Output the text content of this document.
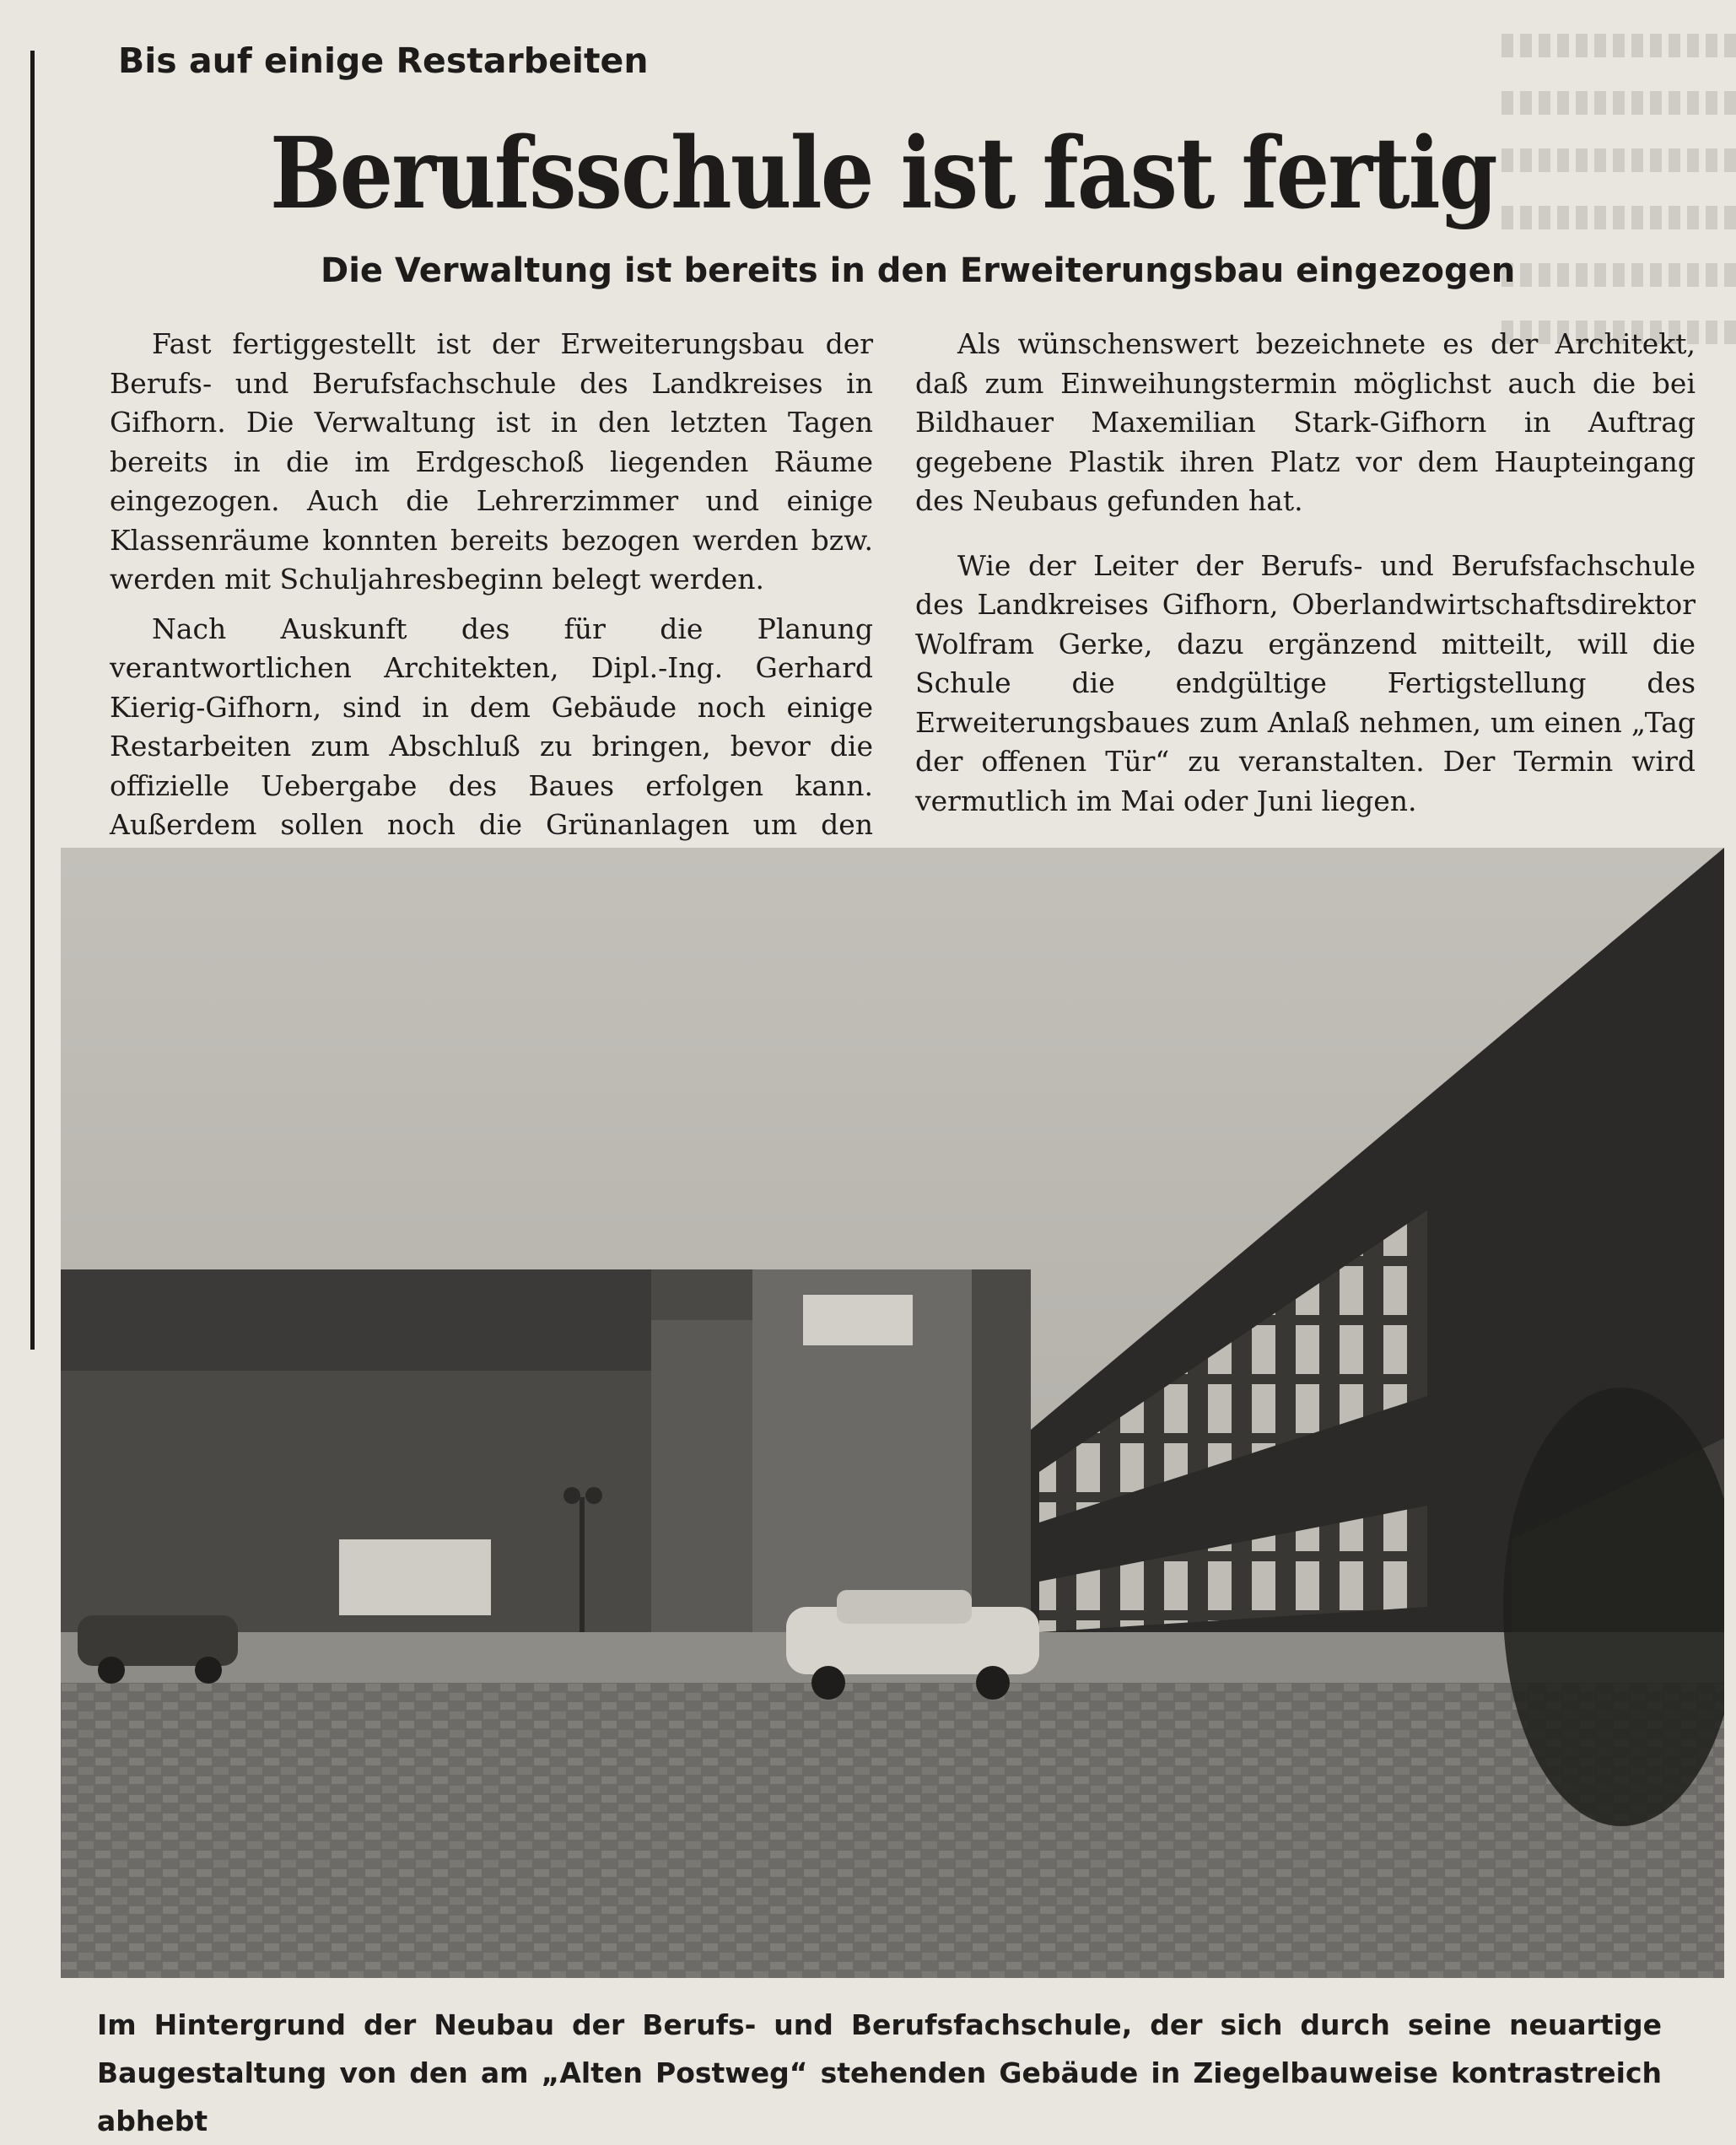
Bis auf einige Restarbeiten
Berufsschule ist fast fertig
Die Verwaltung ist bereits in den Erweiterungsbau eingezogen

Fast fertiggestellt ist der Erweiterungsbau der Berufs- und Berufsfachschule des Landkreises in Gifhorn. Die Verwaltung ist in den letzten Tagen bereits in die im Erdgeschoß liegenden Räume eingezogen. Auch die Lehrerzimmer und einige Klassenräume konnten bereits bezogen werden bzw. werden mit Schuljahresbeginn belegt werden.

Nach Auskunft des für die Planung verantwortlichen Architekten, Dipl.-Ing. Gerhard Kierig-Gifhorn, sind in dem Gebäude noch einige Restarbeiten zum Abschluß zu bringen, bevor die offizielle Uebergabe des Baues erfolgen kann. Außerdem sollen noch die Grünanlagen um den

Als wünschenswert bezeichnete es der Architekt, daß zum Einweihungstermin möglichst auch die bei Bildhauer Maxemilian Stark-Gifhorn in Auftrag gegebene Plastik ihren Platz vor dem Haupteingang des Neubaus gefunden hat.

Wie der Leiter der Berufs- und Berufsfachschule des Landkreises Gifhorn, Oberlandwirtschaftsdirektor Wolfram Gerke, dazu ergänzend mitteilt, will die Schule die endgültige Fertigstellung des Erweiterungsbaues zum Anlaß nehmen, um einen „Tag der offenen Tür“ zu veranstalten. Der Termin wird vermutlich im Mai oder Juni liegen.

Im Hintergrund der Neubau der Berufs- und Berufsfachschule, der sich durch seine neuartige Baugestaltung von den am „Alten Postweg“ stehenden Gebäude in Ziegelbauweise kontrastreich abhebt
